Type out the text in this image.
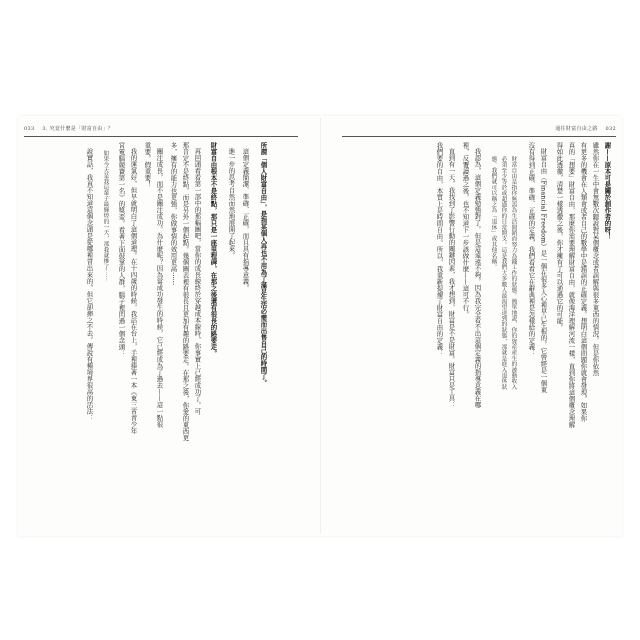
033 3. 究竟什麼是「財富自由」？	通往財富自由之路 032
謝——原本可是關於創作者的呀！
雖然你在一生中會無數次聽說對某個概念或者誤解與很多東西的情況，但是你依然
有更多的機會在人類會或者自己的數學中是錯誤的正確定義。想明白這個問題你就會發現，如果你
真的「想要」財富自由，那麼你需要理解財富自由，就像海洋理解河流一樣，直到你將這個概念理解
得如此透徹，清楚一樣透徹之後，你才擁有了可以通過它的可能。
財富自由（Financial Freedom）是一個在很多人心裡早已生根的。它曾經是一個東
沒有得到正確、準確、正確的定義，我們看看它在辭典裡是怎樣給的定義：
財富自由是指你無需為生活開銷而努力為錢工作的狀態。簡單地說，你的資產產生的被動收入
必須至少等於或超過你的日常開支。這是我們大多數人最渴望達到的狀態，那就是進入退休狀
態。我們就可以稱之為「退休」或其他名稱。
我認為，這個定義勉強對了。但是這遠遠不夠。因為我完全看不出這個定義的指導意義在哪
裡，反覆讀過之後，也不知道下一步該做什麼——這可不行。
直到有一天，我找到了影響行動的關鍵因素，我才想到，財富是不是財富。財富只是工具：
我們要的自由，本質上是時間自由。所以，我重新提煉了財富自由的定義：
所謂「個人財富自由」，是指某個人再也不用為了滿足生活必需而出售自己的時間了。
這個定義簡潔、準確、正確，而且具有指導意義。
進一步的思考自然而然地展開了起來。
財富自由根本不是終點，那只是一座里程碑，在那之後還有很長的路要走。
再回頭看看第一部中的那幅圖吧，當你的成長線終於穿越成本線時，你事實上已經成功了。可
那肯定不是終點，而是另外一個起點。幾個圖表裡有很長且更加有趣的路要走。在那之後，你愛的東西更
多，擁有的能力也更強，你做事情的效用更高⋯⋯
關注成長，而不是關注成功。為什麼呢？因為當成功發生的時候，它已經成為了過去——這一點很
重要。假重要！
我的運氣好，但早就明白了這個道理。在十四歲的時候，我站在台上，手裡捧著一本《東三省青少年
宮電腦競賽第一名》的獎盃。看著下面鼓掌的人群，腦子裡閃過一個念頭：
如果今天是我這輩子最輝煌的一天，那我就慘了⋯⋯
說實話，我真不知道這個念頭是從哪裡冒出來的，但它卻揮之不去。傳說有種境界很高的活法：
